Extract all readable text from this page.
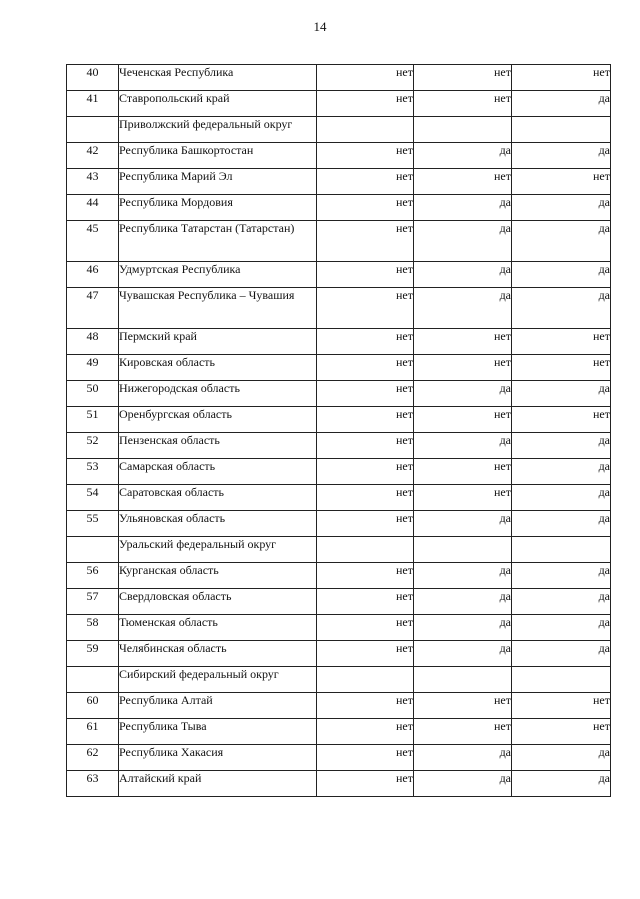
14
40	Чеченская Республика	нет	нет	нет
41	Ставропольский край	нет	нет	да
	Приволжский федеральный округ			
42	Республика Башкортостан	нет	да	да
43	Республика Марий Эл	нет	нет	нет
44	Республика Мордовия	нет	да	да
45	Республика Татарстан (Татарстан)	нет	да	да
46	Удмуртская Республика	нет	да	да
47	Чувашская Республика – Чувашия	нет	да	да
48	Пермский край	нет	нет	нет
49	Кировская область	нет	нет	нет
50	Нижегородская область	нет	да	да
51	Оренбургская область	нет	нет	нет
52	Пензенская область	нет	да	да
53	Самарская область	нет	нет	да
54	Саратовская область	нет	нет	да
55	Ульяновская область	нет	да	да
	Уральский федеральный округ			
56	Курганская область	нет	да	да
57	Свердловская область	нет	да	да
58	Тюменская область	нет	да	да
59	Челябинская область	нет	да	да
	Сибирский федеральный округ			
60	Республика Алтай	нет	нет	нет
61	Республика Тыва	нет	нет	нет
62	Республика Хакасия	нет	да	да
63	Алтайский край	нет	да	да
